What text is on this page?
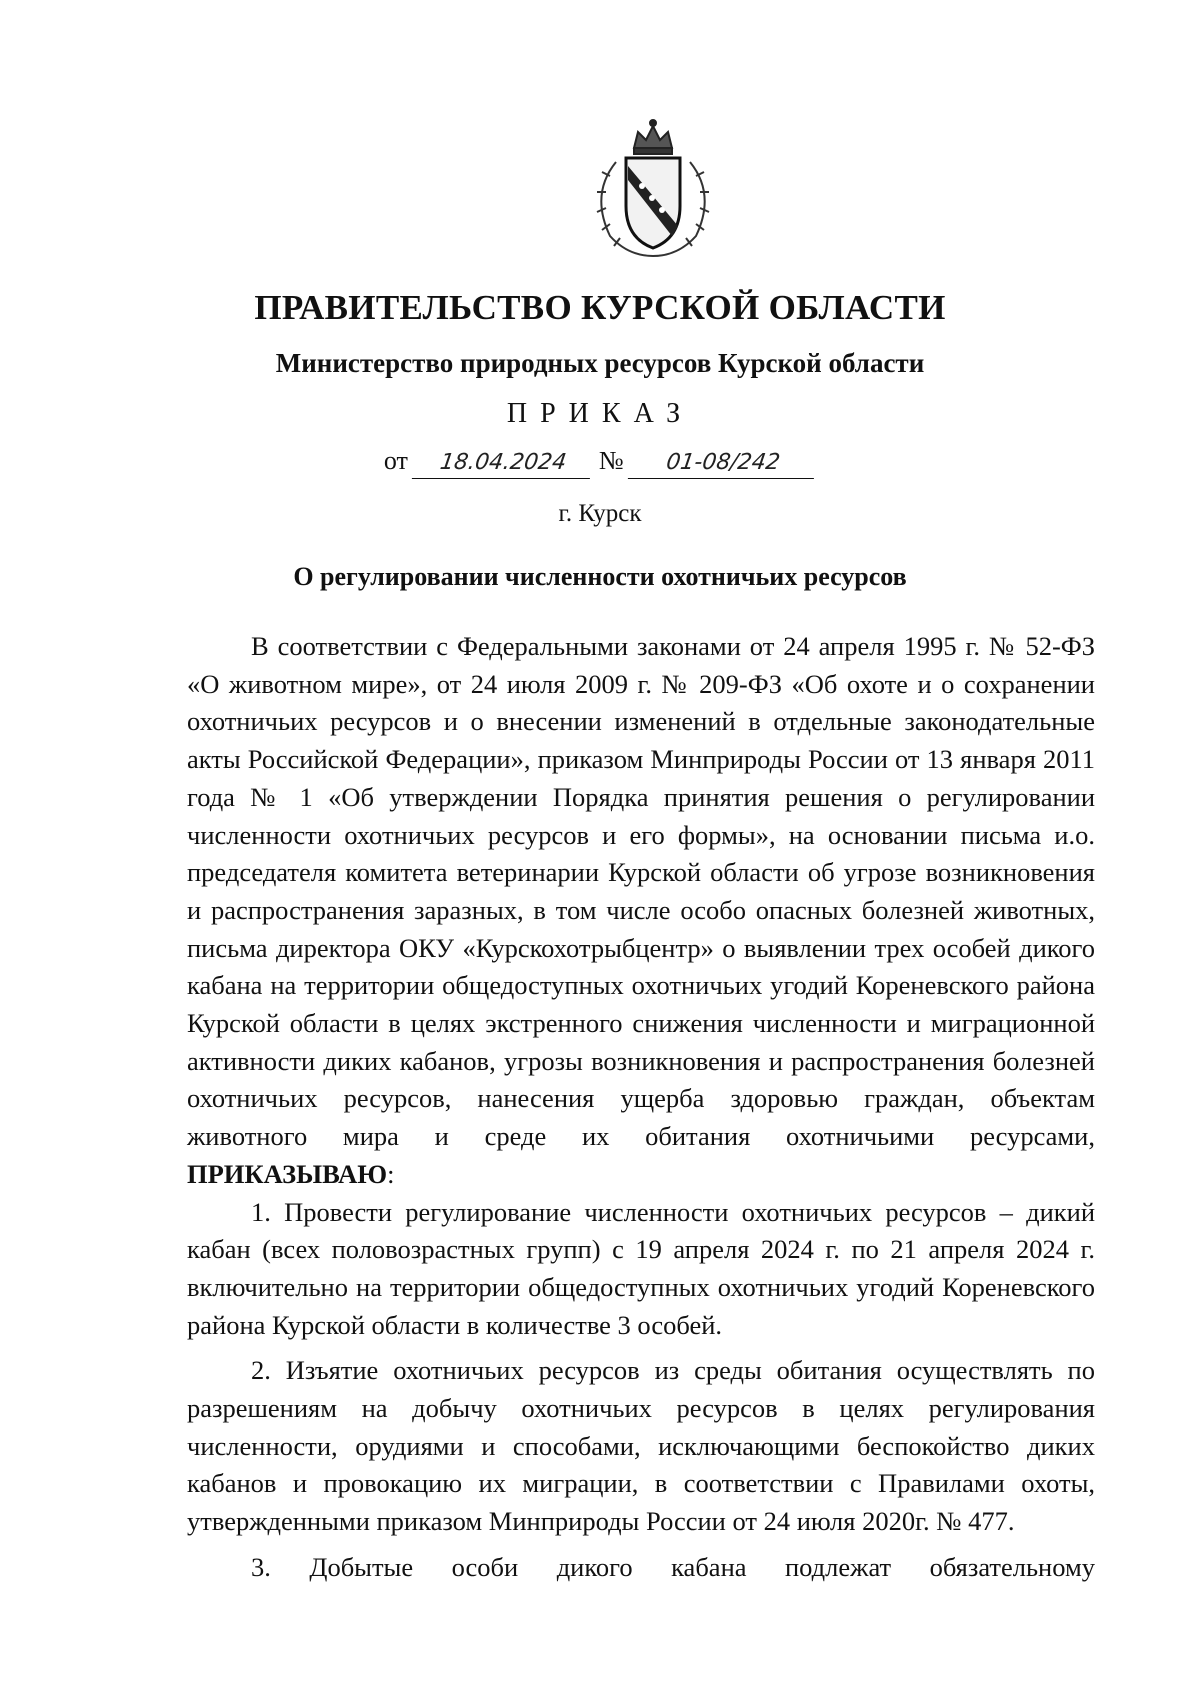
ПРАВИТЕЛЬСТВО КУРСКОЙ ОБЛАСТИ
Министерство природных ресурсов Курской области
ПРИКАЗ
от 18.04.2024 № 01-08/242
г. Курск
О регулировании численности охотничьих ресурсов

В соответствии с Федеральными законами от 24 апреля 1995 г. № 52-ФЗ «О животном мире», от 24 июля 2009 г. № 209-ФЗ «Об охоте и о сохранении охотничьих ресурсов и о внесении изменений в отдельные законодательные акты Российской Федерации», приказом Минприроды России от 13 января 2011 года № 1 «Об утверждении Порядка принятия решения о регулировании численности охотничьих ресурсов и его формы», на основании письма и.о. председателя комитета ветеринарии Курской области об угрозе возникновения и распространения заразных, в том числе особо опасных болезней животных, письма директора ОКУ «Курскохотрыбцентр» о выявлении трех особей дикого кабана на территории общедоступных охотничьих угодий Кореневского района Курской области в целях экстренного снижения численности и миграционной активности диких кабанов, угрозы возникновения и распространения болезней охотничьих ресурсов, нанесения ущерба здоровью граждан, объектам животного мира и среде их обитания охотничьими ресурсами, ПРИКАЗЫВАЮ:

1. Провести регулирование численности охотничьих ресурсов – дикий кабан (всех половозрастных групп) с 19 апреля 2024 г. по 21 апреля 2024 г. включительно на территории общедоступных охотничьих угодий Кореневского района Курской области в количестве 3 особей.

2. Изъятие охотничьих ресурсов из среды обитания осуществлять по разрешениям на добычу охотничьих ресурсов в целях регулирования численности, орудиями и способами, исключающими беспокойство диких кабанов и провокацию их миграции, в соответствии с Правилами охоты, утвержденными приказом Минприроды России от 24 июля 2020г. № 477.

3. Добытые особи дикого кабана подлежат обязательному
